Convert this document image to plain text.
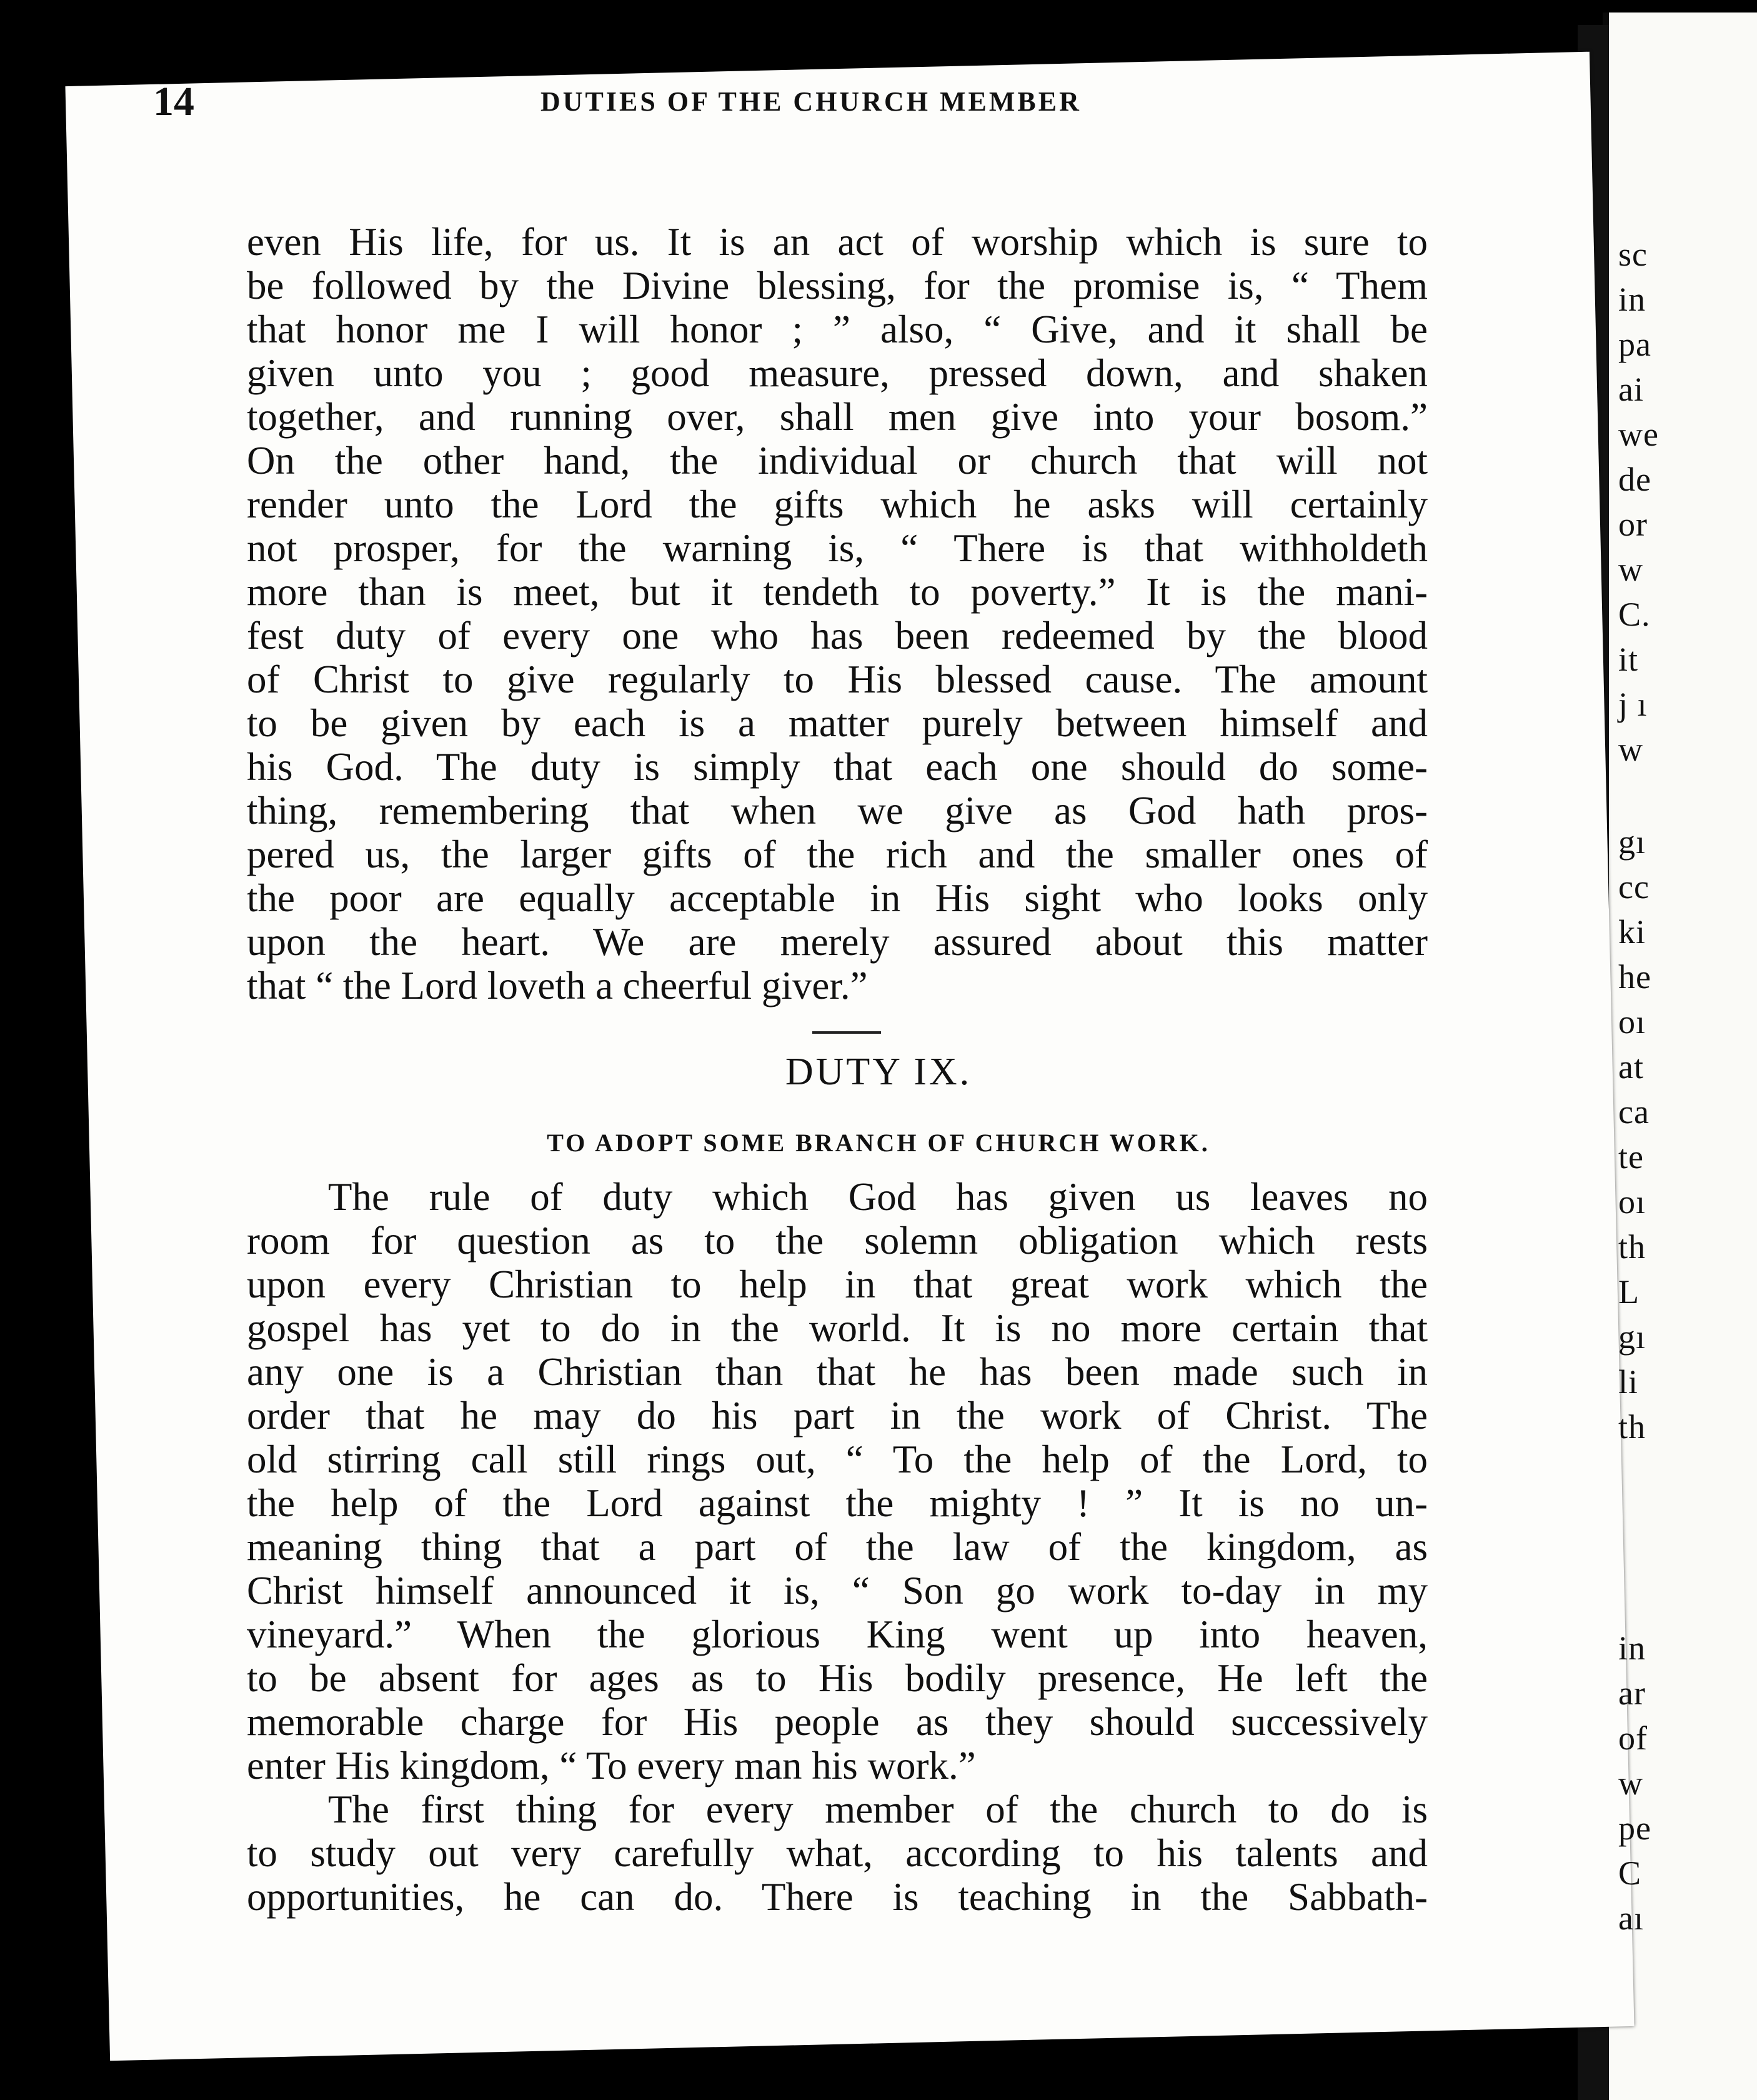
14	DUTIES OF THE CHURCH MEMBER
even His life, for us. It is an act of worship which is sure to
be followed by the Divine blessing, for the promise is, “ Them
that honor me I will honor ; ” also, “ Give, and it shall be
given unto you ; good measure, pressed down, and shaken
together, and running over, shall men give into your bosom.”
On the other hand, the individual or church that will not
render unto the Lord the gifts which he asks will certainly
not prosper, for the warning is, “ There is that withholdeth
more than is meet, but it tendeth to poverty.” It is the mani-
fest duty of every one who has been redeemed by the blood
of Christ to give regularly to His blessed cause. The amount
to be given by each is a matter purely between himself and
his God. The duty is simply that each one should do some-
thing, remembering that when we give as God hath pros-
pered us, the larger gifts of the rich and the smaller ones of
the poor are equally acceptable in His sight who looks only
upon the heart. We are merely assured about this matter
that “ the Lord loveth a cheerful giver.”
DUTY IX.
TO ADOPT SOME BRANCH OF CHURCH WORK.
The rule of duty which God has given us leaves no
room for question as to the solemn obligation which rests
upon every Christian to help in that great work which the
gospel has yet to do in the world. It is no more certain that
any one is a Christian than that he has been made such in
order that he may do his part in the work of Christ. The
old stirring call still rings out, “ To the help of the Lord, to
the help of the Lord against the mighty ! ” It is no un-
meaning thing that a part of the law of the kingdom, as
Christ himself announced it is, “ Son go work to-day in my
vineyard.” When the glorious King went up into heaven,
to be absent for ages as to His bodily presence, He left the
memorable charge for His people as they should successively
enter His kingdom, “ To every man his work.”
The first thing for every member of the church to do is
to study out very carefully what, according to his talents and
opportunities, he can do. There is teaching in the Sabbath-
sc
in
pa
ai
we
de
or
w
C.
it
j ı
w
gı
cc
ki
he
oı
at
ca
te
oı
th
L
gı
li
th
in
ar
of
w
pe
C
aı
